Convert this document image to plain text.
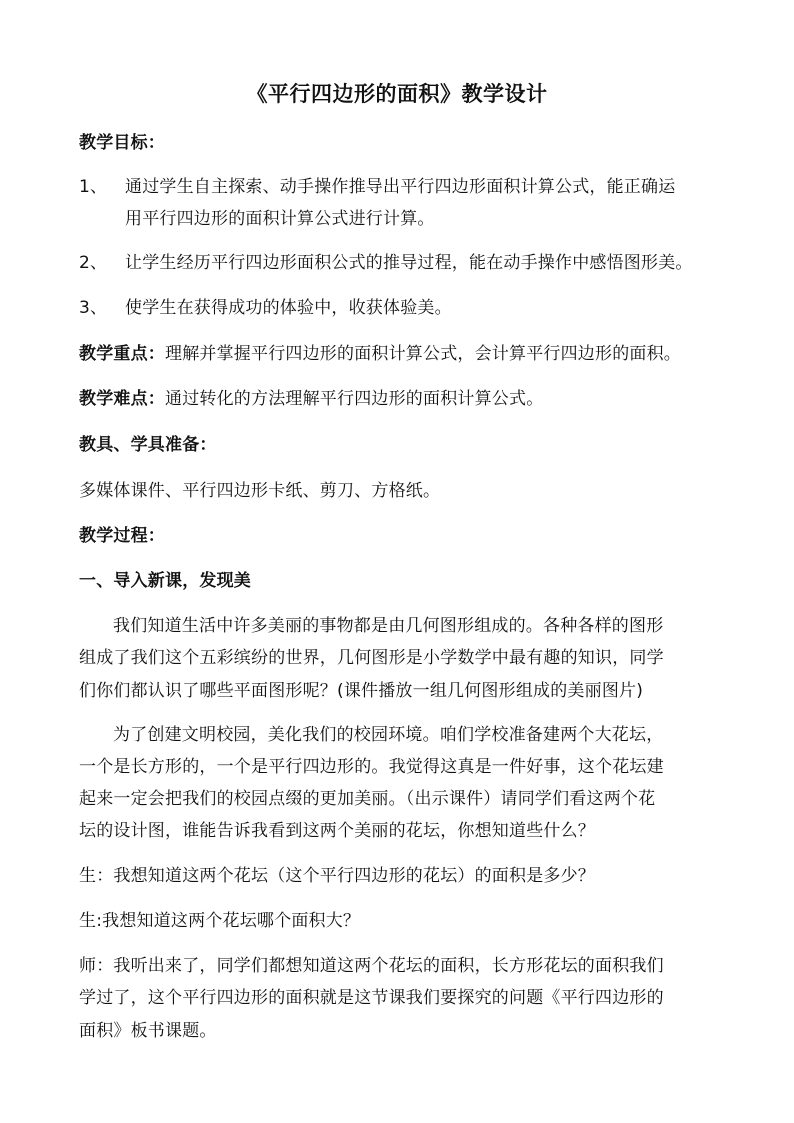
《平行四边形的面积》教学设计
教学目标：
1、 通过学生自主探索、动手操作推导出平行四边形面积计算公式，能正确运
用平行四边形的面积计算公式进行计算。
2、 让学生经历平行四边形面积公式的推导过程，能在动手操作中感悟图形美。
3、 使学生在获得成功的体验中，收获体验美。
教学重点：理解并掌握平行四边形的面积计算公式，会计算平行四边形的面积。
教学难点：通过转化的方法理解平行四边形的面积计算公式。
教具、学具准备：
多媒体课件、平行四边形卡纸、剪刀、方格纸。
教学过程：
一、导入新课，发现美
我们知道生活中许多美丽的事物都是由几何图形组成的。各种各样的图形
组成了我们这个五彩缤纷的世界，几何图形是小学数学中最有趣的知识，同学
们你们都认识了哪些平面图形呢？(课件播放一组几何图形组成的美丽图片)
为了创建文明校园，美化我们的校园环境。咱们学校准备建两个大花坛，
一个是长方形的，一个是平行四边形的。我觉得这真是一件好事，这个花坛建
起来一定会把我们的校园点缀的更加美丽。（出示课件）请同学们看这两个花
坛的设计图，谁能告诉我看到这两个美丽的花坛，你想知道些什么？
生：我想知道这两个花坛（这个平行四边形的花坛）的面积是多少？
生:我想知道这两个花坛哪个面积大？
师：我听出来了，同学们都想知道这两个花坛的面积，长方形花坛的面积我们
学过了，这个平行四边形的面积就是这节课我们要探究的问题《平行四边形的
面积》板书课题。
